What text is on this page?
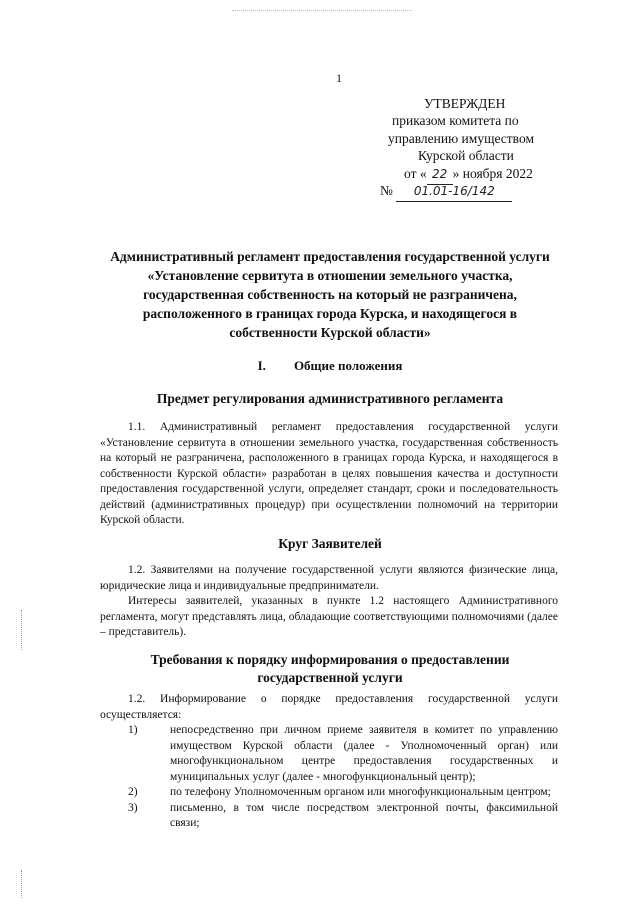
1
УТВЕРЖДЕН
приказом комитета по
управлению имуществом
Курской области
от « 22 » ноября 2022
№ 01.01-16/142
Административный регламент предоставления государственной услуги «Установление сервитута в отношении земельного участка, государственная собственность на который не разграничена, расположенного в границах города Курска, и находящегося в собственности Курской области»
I. Общие положения
Предмет регулирования административного регламента

1.1. Административный регламент предоставления государственной услуги «Установление сервитута в отношении земельного участка, государственная собственность на который не разграничена, расположенного в границах города Курска, и находящегося в собственности Курской области» разработан в целях повышения качества и доступности предоставления государственной услуги, определяет стандарт, сроки и последовательность действий (административных процедур) при осуществлении полномочий на территории Курской области.

Круг Заявителей

1.2. Заявителями на получение государственной услуги являются физические лица, юридические лица и индивидуальные предприниматели.

Интересы заявителей, указанных в пункте 1.2 настоящего Административного регламента, могут представлять лица, обладающие соответствующими полномочиями (далее – представитель).

Требования к порядку информирования о предоставлении государственной услуги

1.2. Информирование о порядке предоставления государственной услуги осуществляется:

1)	непосредственно при личном приеме заявителя в комитет по управлению имуществом Курской области (далее - Уполномоченный орган) или многофункциональном центре предоставления государственных и муниципальных услуг (далее - многофункциональный центр);
2)	по телефону Уполномоченным органом или многофункциональным центром;
3)	письменно, в том числе посредством электронной почты, факсимильной связи;
